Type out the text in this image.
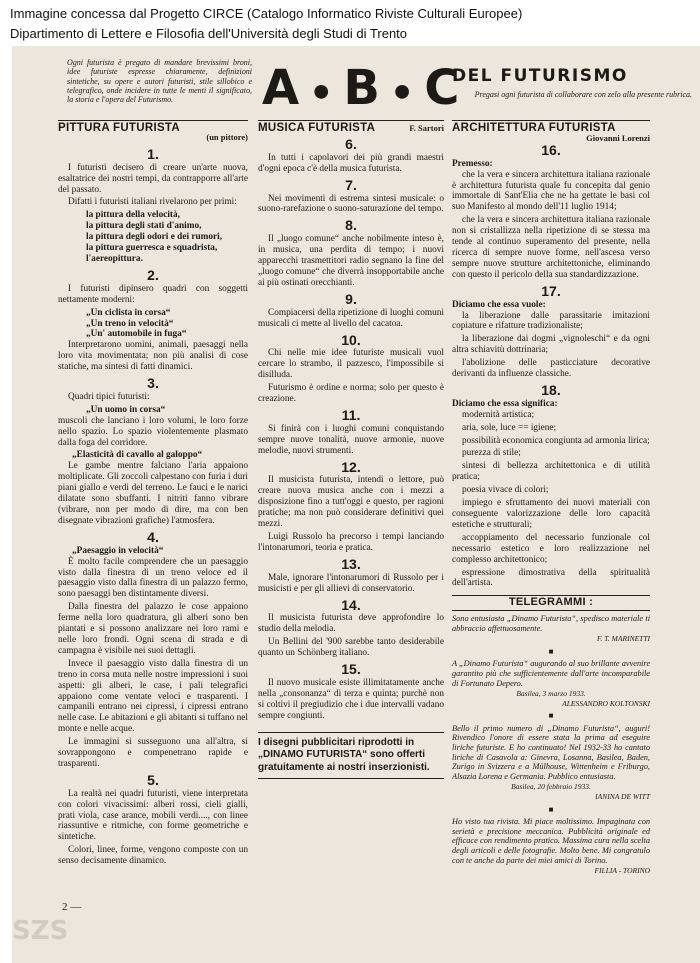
Immagine concessa dal Progetto CIRCE (Catalogo Informatico Riviste Culturali Europee)
Dipartimento di Lettere e Filosofia dell'Università degli Studi di Trento
Ogni futurista è pregato di mandare brevissimi broni, idee futuriste espresse chiaramente, definizioni sintetiche, su opere e autori futuristi, stile sillobico e telegrafico, onde incidere in tutte le menti il significato, la storia e l'opera del Futurismo.	A ● B ● C
DEL FUTURISMO
Pregasi ogni futurista di collaborare con zelo alla presente rubrica.
PITTURA FUTURISTA
(un pittore)
1.

I futuristi decisero di creare un'arte nuova, esaltatrice dei nostri tempi, da contrapporre all'arte del passato.

Difatti i futuristi italiani rivelarono per primi:

la pittura della velocità,
la pittura degli stati d'animo,
la pittura degli odori e dei rumori,
la pittura guerresca e squadrista,
l'aereopittura.
2.

I futuristi dipinsero quadri con soggetti nettamente moderni:

„Un ciclista in corsa“
„Un treno in velocità“
„Un' automobile in fuga“

Interpretarono uomini, animali, paesaggi nella loro vita movimentata; non più analisi di cose statiche, ma sintesi di fatti dinamici.

3.

Quadri tipici futuristi:

„Un uomo in corsa“

muscoli che lanciano i loro volumi, le loro forze nello spazio. Lo spazio violentemente plasmato dalla foga del corridore.

„Elasticità di cavallo al galoppo“

Le gambe mentre falciano l'aria appaiono moltiplicate. Gli zoccoli calpestano con furia i duri piani giallo e verdi del terreno. Le fauci e le narici dilatate sono sbuffanti. I nitriti fanno vibrare (vibrare, non per modo di dire, ma con ben disegnate vibrazioni grafiche) l'atmosfera.

4.
„Paesaggio in velocità“

È molto facile comprendere che un paesaggio visto dalla finestra di un treno veloce ed il paesaggio visto dalla finestra di un palazzo fermo, sono paesaggi ben distintamente diversi.

Dalla finestra del palazzo le cose appaiono ferme nella loro quadratura, gli alberi sono ben piantati e si possono analizzare nei loro rami e nelle loro frondi. Ogni scena di strada e di campagna è visibile nei suoi dettagli.

Invece il paesaggio visto dalla finestra di un treno in corsa muta nelle nostre impressioni i suoi aspetti: gli alberi, le case, i pali telegrafici appaiono come ventate veloci e trasparenti. I campanili entrano nei cipressi, i cipressi entrano nelle case. Le abitazioni e gli abitanti si tuffano nel monte e nelle acque.

Le immagini si susseguono una all'altra, si sovrappongono e compenetrano rapide e trasparenti.

5.

La realtà nei quadri futuristi, viene interpretata con colori vivacissimi: alberi rossi, cieli gialli, prati viola, case arance, mobili verdi...., con linee riassuntive e ritmiche, con forme geometriche e sintetiche.

Colori, linee, forme, vengono composte con un senso decisamente dinamico.

MUSICA FUTURISTA	F. Sartori
6.

In tutti i capolavori dei più grandi maestri d'ogni epoca c'è della musica futurista.

7.

Nei movimenti di estrema sintesi musicale: o suono-rarefazione o suono-saturazione del tempo.

8.

Il „luogo comune“ anche nobilmente inteso è, in musica, una perdita di tempo; i nuovi apparecchi trasmettitori radio segnano la fine del „luogo comune“ che diverrà insopportabile anche ai più ostinati orecchianti.

9.

Compiacersi della ripetizione di luoghi comuni musicali ci mette al livello del cacatoa.

10.

Chi nelle mie idee futuriste musicali vuol cercare lo strambo, il pazzesco, l'impossibile si disilluda.

Futurismo è ordine e norma; solo per questo è creazione.

11.

Si finirà con i luoghi comuni conquistando sempre nuove tonalità, nuove armonie, nuove melodie, nuovi strumenti.

12.

Il musicista futurista, intendi o lettore, può creare nuova musica anche con i mezzi a disposizione fino a tutt'oggi e questo, per ragioni pratiche; ma non può considerare definitivi quei mezzi.

Luigi Russolo ha precorso i tempi lanciando l'intonarumori, teoria e pratica.

13.

Male, ignorare l'intonarumori di Russolo per i musicisti e per gli allievi di conservatorio.

14.

Il musicista futurista deve approfondire lo studio della melodia.

Un Bellini del '900 sarebbe tanto desiderabile quanto un Schönberg italiano.

15.

Il nuovo musicale esiste illimitatamente anche nella „consonanza“ di terza e quinta; purchè non si coltivi il pregiudizio che i due intervalli vadano sempre congiunti.

I disegni pubblicitari riprodotti in „DINAMO FUTURISTA“ sono offerti gratuitamente ai nostri inserzionisti.
ARCHITETTURA FUTURISTA
Giovanni Lorenzi
16.
Premesso:

che la vera e sincera architettura italiana razionale è architettura futurista quale fu concepita dal genio immortale di Sant'Elia che ne ha gettate le basi col suo Manifesto al mondo dell'11 luglio 1914;

che la vera e sincera architettura italiana razionale non si cristallizza nella ripetizione di se stessa ma tende al continuo superamento del presente, nella ricerca di sempre nuove forme, nell'ascesa verso sempre nuove strutture architettoniche, eliminando con questo il pericolo della sua standardizzazione.

17.
Diciamo che essa vuole:

la liberazione dalle parassitarie imitazioni copiature e rifatture tradizionaliste;

la liberazione dai dogmi „vignoleschi“ e da ogni altra schiavitù dottrinaria;

l'abolizione delle pasticciature decorative derivanti da influenze classiche.

18.
Diciamo che essa significa:

modernità artistica;

aria, sole, luce == igiene;

possibilità economica congiunta ad armonia lirica;

purezza di stile;

sintesi di bellezza architettonica e di utilità pratica;

poesia vivace di colori;

impiego e sfruttamento dei nuovi materiali con conseguente valorizzazione delle loro capacità estetiche e strutturali;

accoppiamento del necessario funzionale col necessario estetico e loro realizzazione nel complesso architettonico;

espressione dimostrativa della spiritualità dell'artista.

TELEGRAMMI :

Sono entusiasta „Dinamo Futurista“, spedisco materiale ti abbraccio affettuosamente.

F. T. MARINETTI
■

A „Dinamo Futurista“ augurando al suo brillante avvenire garantito più che sufficientemente dall'arte incomparabile di Fortunato Depero.

Basilea, 3 marzo 1933.
ALESSANDRO KOLTONSKI
■

Bello il primo numero di „Dinamo Futurista“, auguri! Rivendico l'onore di essere stata la prima ad eseguire liriche futuriste. E ho continuato! Nel 1932-33 ho cantato liriche di Casavola a: Ginevra, Losanna, Basilea, Baden, Zurigo in Svizzera e a Mülhouse, Wittenheim e Friburgo, Alsazia Lorena e Germania. Pubblico entusiasta.

Basilea, 20 febbraio 1933.
IANINA DE WITT
■

Ho visto tua rivista. Mi piace moltissimo. Impaginata con serietà e precisione meccanica. Pubblicità originale ed efficace con rendimento pratico. Massima cura nella scelta degli articoli e delle fotografie. Molto bene. Mi congratulo con te anche da parte dei miei amici di Torino.

FILLIA - TORINO
2 —
SZS
